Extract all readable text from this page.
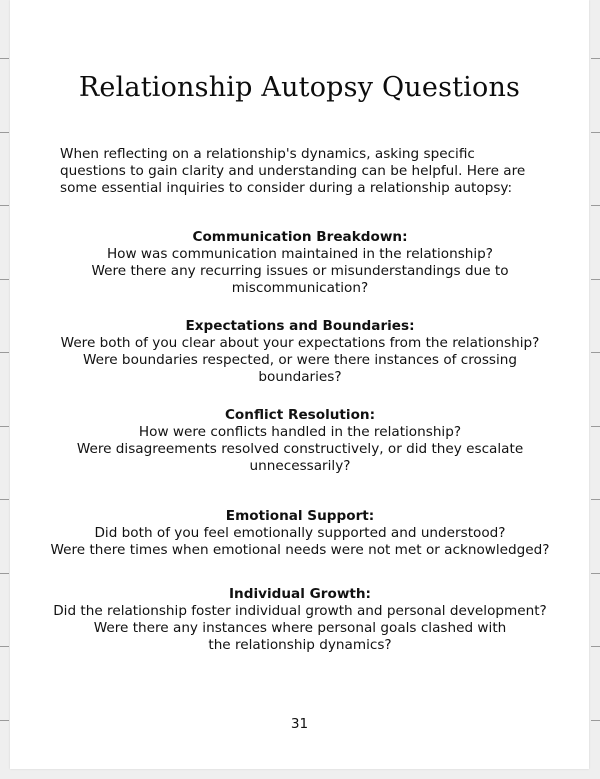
Relationship Autopsy Questions

When reflecting on a relationship's dynamics, asking specific questions to gain clarity and understanding can be helpful. Here are some essential inquiries to consider during a relationship autopsy:

Communication Breakdown:
How was communication maintained in the relationship?
Were there any recurring issues or misunderstandings due to miscommunication?
Expectations and Boundaries:
Were both of you clear about your expectations from the relationship?
Were boundaries respected, or were there instances of crossing boundaries?
Conflict Resolution:
How were conflicts handled in the relationship?
Were disagreements resolved constructively, or did they escalate unnecessarily?
Emotional Support:
Did both of you feel emotionally supported and understood?
Were there times when emotional needs were not met or acknowledged?
Individual Growth:
Did the relationship foster individual growth and personal development?
Were there any instances where personal goals clashed with the relationship dynamics?
31
